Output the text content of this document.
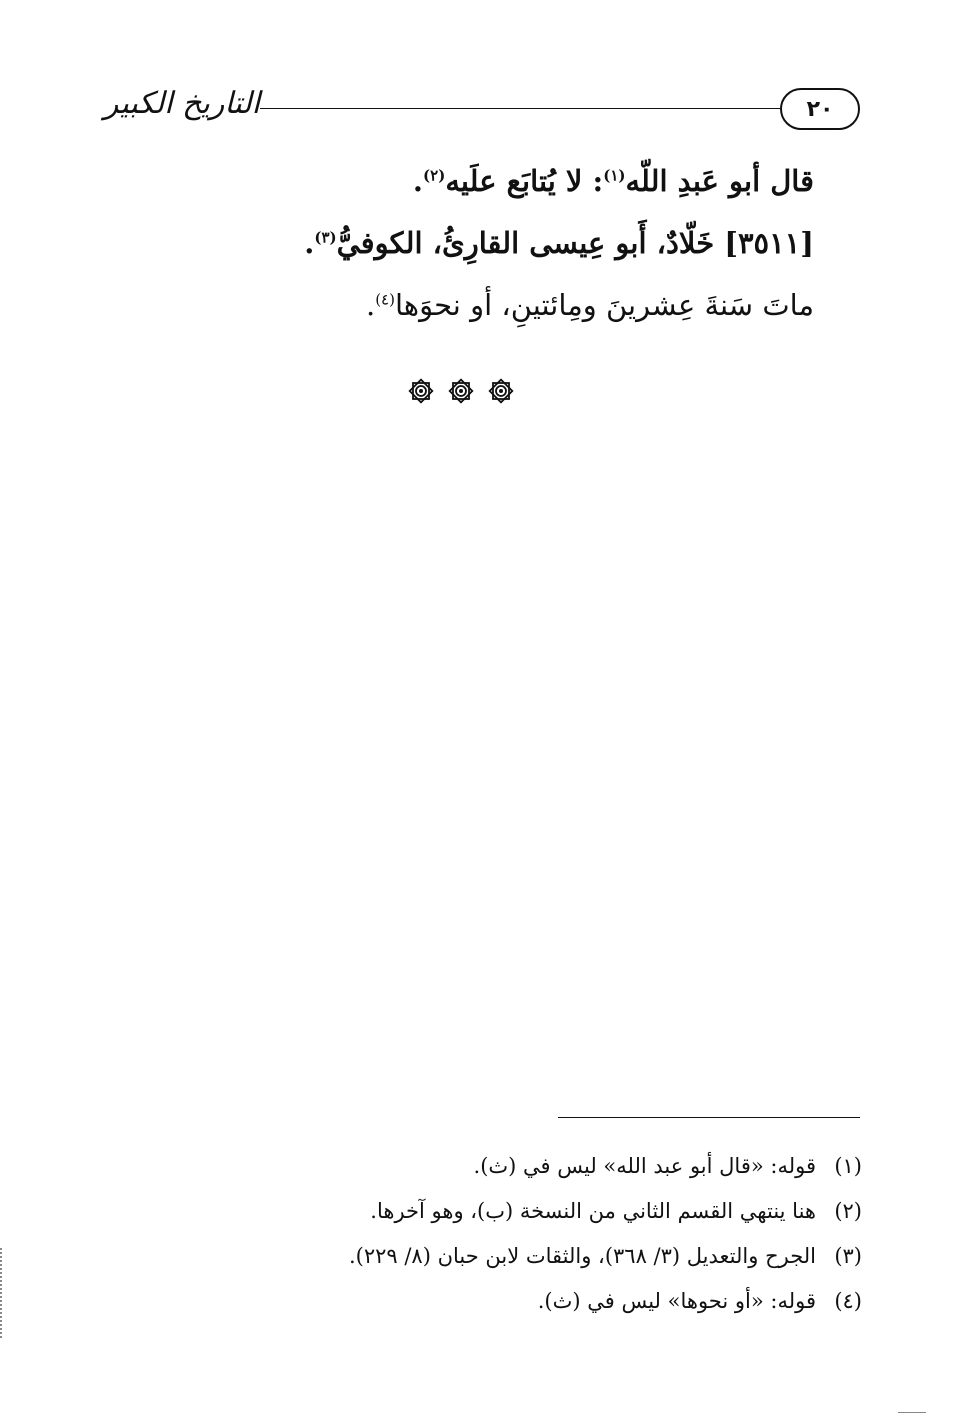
التاريخ الكبير	٢٠
قال أبو عَبدِ اللّه$^{(١)}$: لا يُتابَع علَيه$^{(٢)}$.
[٣٥١١] خَلّادٌ، أَبو عِيسى القارِئُ، الكوفيُّ$^{(٣)}$.
ماتَ سَنةَ عِشرينَ ومِائتينِ، أو نحوَها$^{(٤)}$.
(١)قوله: «قال أبو عبد الله» ليس في (ث).
(٢)هنا ينتهي القسم الثاني من النسخة (ب)، وهو آخرها.
(٣)الجرح والتعديل (٣/ ٣٦٨)، والثقات لابن حبان (٨/ ٢٢٩).
(٤)قوله: «أو نحوها» ليس في (ث).
